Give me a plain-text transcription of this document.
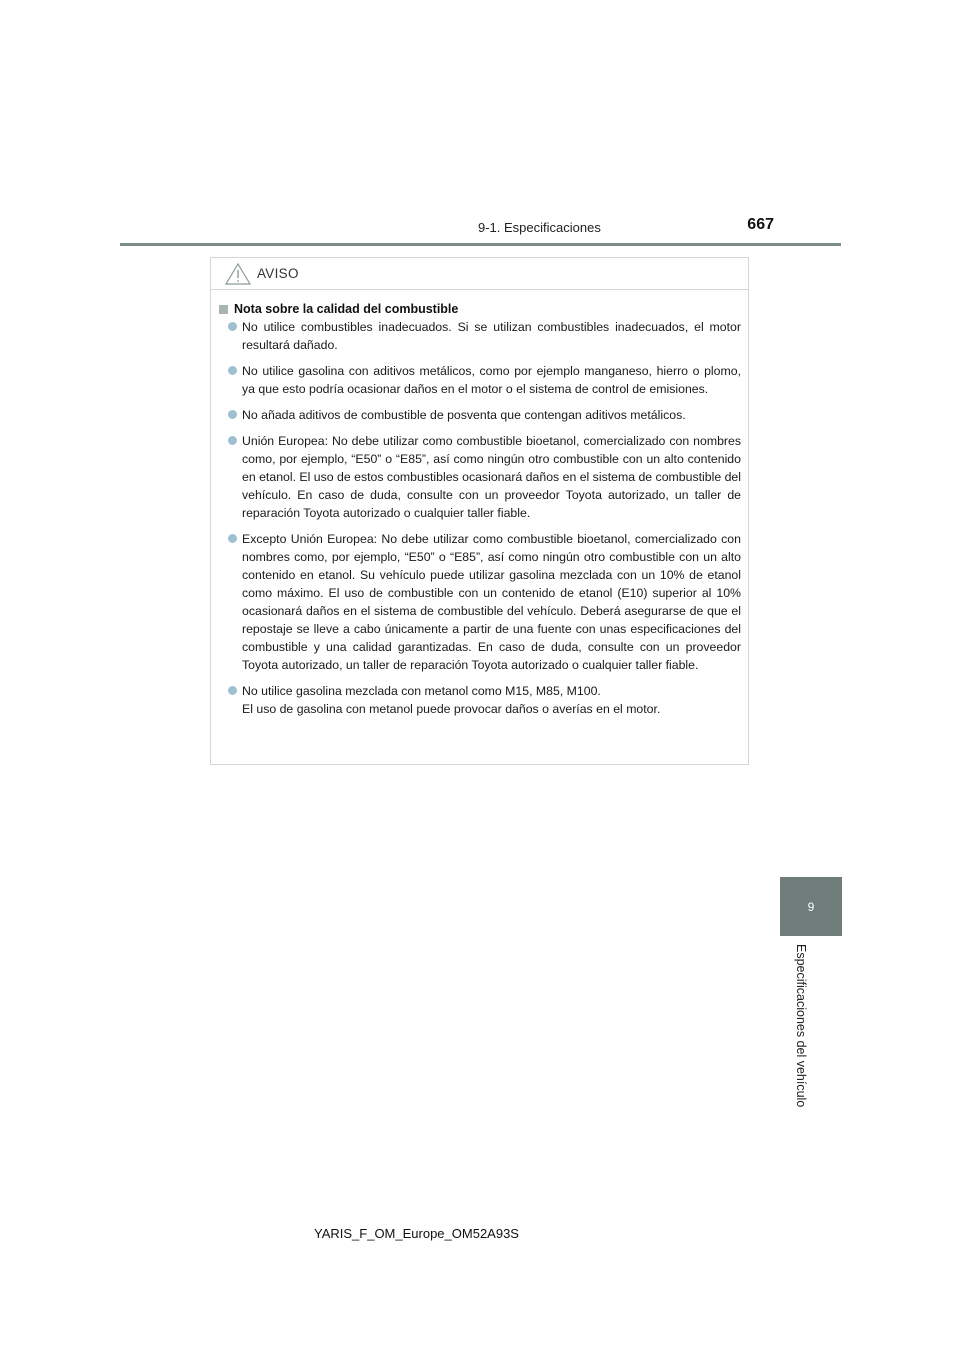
9-1. Especificaciones	667
AVISO
Nota sobre la calidad del combustible
No utilice combustibles inadecuados. Si se utilizan combustibles inadecuados, el motor resultará dañado.
No utilice gasolina con aditivos metálicos, como por ejemplo manganeso, hierro o plomo, ya que esto podría ocasionar daños en el motor o el sistema de control de emisiones.
No añada aditivos de combustible de posventa que contengan aditivos metálicos.
Unión Europea: No debe utilizar como combustible bioetanol, comercializado con nombres como, por ejemplo, “E50” o “E85”, así como ningún otro combustible con un alto contenido en etanol. El uso de estos combustibles ocasionará daños en el sistema de combustible del vehículo. En caso de duda, consulte con un proveedor Toyota autorizado, un taller de reparación Toyota autorizado o cualquier taller fiable.
Excepto Unión Europea: No debe utilizar como combustible bioetanol, comercializado con nombres como, por ejemplo, “E50” o “E85”, así como ningún otro combustible con un alto contenido en etanol. Su vehículo puede utilizar gasolina mezclada con un 10% de etanol como máximo. El uso de combustible con un contenido de etanol (E10) superior al 10% ocasionará daños en el sistema de combustible del vehículo. Deberá asegurarse de que el repostaje se lleve a cabo únicamente a partir de una fuente con unas especificaciones del combustible y una calidad garantizadas. En caso de duda, consulte con un proveedor Toyota autorizado, un taller de reparación Toyota autorizado o cualquier taller fiable.
No utilice gasolina mezclada con metanol como M15, M85, M100.
El uso de gasolina con metanol puede provocar daños o averías en el motor.
9
Especificaciones del vehículo
YARIS_F_OM_Europe_OM52A93S
